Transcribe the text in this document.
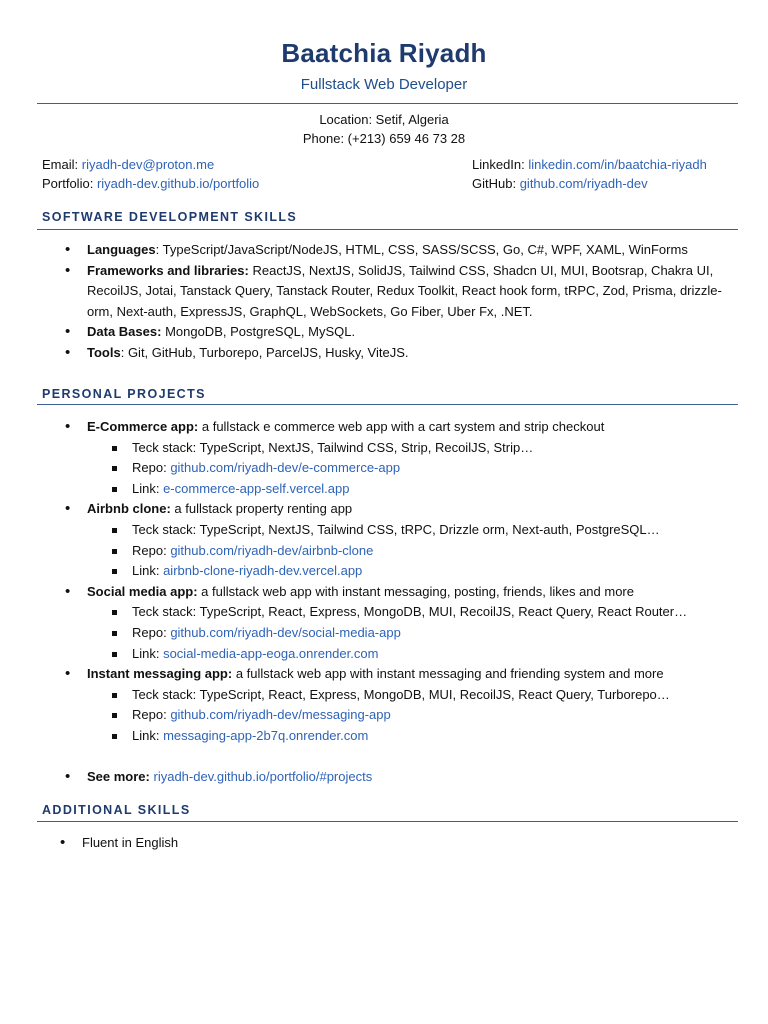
Baatchia Riyadh
Fullstack Web Developer
Location: Setif, Algeria
Phone: (+213) 659 46 73 28
Email: riyadh-dev@proton.me
Portfolio: riyadh-dev.github.io/portfolio
LinkedIn: linkedin.com/in/baatchia-riyadh
GitHub: github.com/riyadh-dev
SOFTWARE DEVELOPMENT SKILLS
• Languages: TypeScript/JavaScript/NodeJS, HTML, CSS, SASS/SCSS, Go, C#, WPF, XAML, WinForms
• Frameworks and libraries: ReactJS, NextJS, SolidJS, Tailwind CSS, Shadcn UI, MUI, Bootsrap, Chakra UI, RecoilJS, Jotai, Tanstack Query, Tanstack Router, Redux Toolkit, React hook form, tRPC, Zod, Prisma, drizzle-orm, Next-auth, ExpressJS, GraphQL, WebSockets, Go Fiber, Uber Fx, .NET.
• Data Bases: MongoDB, PostgreSQL, MySQL.
• Tools: Git, GitHub, Turborepo, ParcelJS, Husky, ViteJS.
PERSONAL PROJECTS
• E-Commerce app: a fullstack e commerce web app with a cart system and strip checkout
Teck stack: TypeScript, NextJS, Tailwind CSS, Strip, RecoilJS, Strip…
Repo: github.com/riyadh-dev/e-commerce-app
Link: e-commerce-app-self.vercel.app
• Airbnb clone: a fullstack property renting app
Teck stack: TypeScript, NextJS, Tailwind CSS, tRPC, Drizzle orm, Next-auth, PostgreSQL…
Repo: github.com/riyadh-dev/airbnb-clone
Link: airbnb-clone-riyadh-dev.vercel.app
• Social media app: a fullstack web app with instant messaging, posting, friends, likes and more
Teck stack: TypeScript, React, Express, MongoDB, MUI, RecoilJS, React Query, React Router…
Repo: github.com/riyadh-dev/social-media-app
Link: social-media-app-eoga.onrender.com
• Instant messaging app: a fullstack web app with instant messaging and friending system and more
Teck stack: TypeScript, React, Express, MongoDB, MUI, RecoilJS, React Query, Turborepo…
Repo: github.com/riyadh-dev/messaging-app
Link: messaging-app-2b7q.onrender.com
• See more: riyadh-dev.github.io/portfolio/#projects
ADDITIONAL SKILLS
• Fluent in English
